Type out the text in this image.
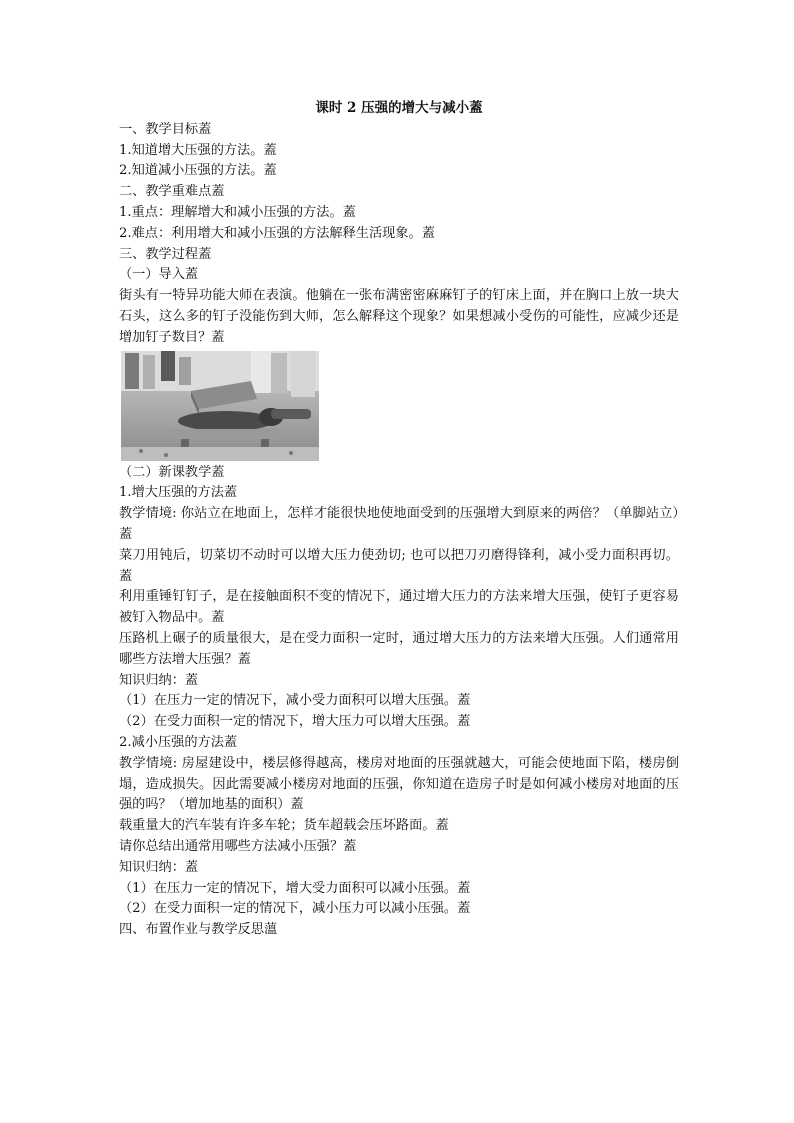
课时 2 压强的增大与减小蓋
一、教学目标蓋
1.知道增大压强的方法。蓋
2.知道减小压强的方法。蓋
二、教学重难点蓋
1.重点：理解增大和减小压强的方法。蓋
2.难点：利用增大和减小压强的方法解释生活现象。蓋
三、教学过程蓋
（一）导入蓋
街头有一特异功能大师在表演。他躺在一张布满密密麻麻钉子的钉床上面，并在胸口上放一块大石头，这么多的钉子没能伤到大师，怎么解释这个现象？如果想减小受伤的可能性，应减少还是增加钉子数目？蓋
（二）新课教学蓋
1.增大压强的方法蓋
教学情境: 你站立在地面上，怎样才能很快地使地面受到的压强增大到原来的两倍？（单脚站立）蓋
菜刀用钝后，切菜切不动时可以增大压力使劲切; 也可以把刀刃磨得锋利，减小受力面积再切。蓋
利用重锤钉钉子，是在接触面积不变的情况下，通过增大压力的方法来增大压强，使钉子更容易被钉入物品中。蓋
压路机上碾子的质量很大，是在受力面积一定时，通过增大压力的方法来增大压强。人们通常用哪些方法增大压强？蓋
知识归纳：蓋
（1）在压力一定的情况下，减小受力面积可以增大压强。蓋
（2）在受力面积一定的情况下，增大压力可以增大压强。蓋
2.减小压强的方法蓋
教学情境: 房屋建设中，楼层修得越高，楼房对地面的压强就越大，可能会使地面下陷，楼房倒塌，造成损失。因此需要减小楼房对地面的压强，你知道在造房子时是如何减小楼房对地面的压强的吗？（增加地基的面积）蓋
载重量大的汽车装有许多车轮；货车超载会压坏路面。蓋
请你总结出通常用哪些方法减小压强？蓋
知识归纳：蓋
（1）在压力一定的情况下，增大受力面积可以减小压强。蓋
（2）在受力面积一定的情况下，减小压力可以减小压强。蓋
四、布置作业与教学反思薀
